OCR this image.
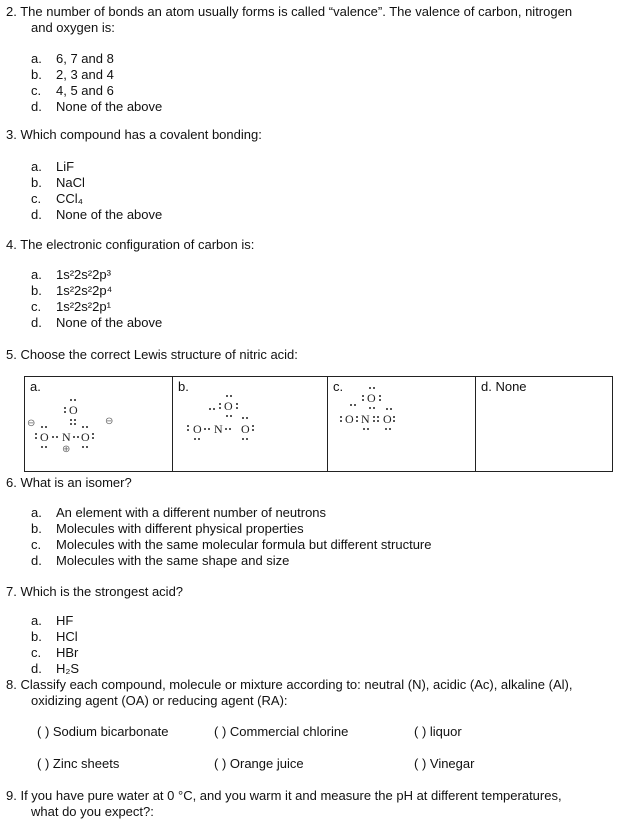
2. The number of bonds an atom usually forms is called “valence”. The valence of carbon, nitrogen
and oxygen is:
a. 6, 7 and 8
b. 2, 3 and 4
c. 4, 5 and 6
d. None of the above
3. Which compound has a covalent bonding:
a. LiF
b. NaCl
c. CCl₄
d. None of the above
4. The electronic configuration of carbon is:
a. 1s²2s²2p³
b. 1s²2s²2p⁴
c. 1s²2s²2p¹
d. None of the above
5. Choose the correct Lewis structure of nitric acid:
a.
O
⊖	⊖
O N O
⊕
	b.
O
O N O
	c.
O
O N O
	d. None
6. What is an isomer?
a. An element with a different number of neutrons
b. Molecules with different physical properties
c. Molecules with the same molecular formula but different structure
d. Molecules with the same shape and size
7. Which is the strongest acid?
a. HF
b. HCl
c. HBr
d. H₂S
8. Classify each compound, molecule or mixture according to: neutral (N), acidic (Ac), alkaline (Al),
oxidizing agent (OA) or reducing agent (RA):
( ) Sodium bicarbonate	( ) Commercial chlorine	( ) liquor
( ) Zinc sheets	( ) Orange juice	( ) Vinegar
9. If you have pure water at 0 °C, and you warm it and measure the pH at different temperatures,
what do you expect?:
